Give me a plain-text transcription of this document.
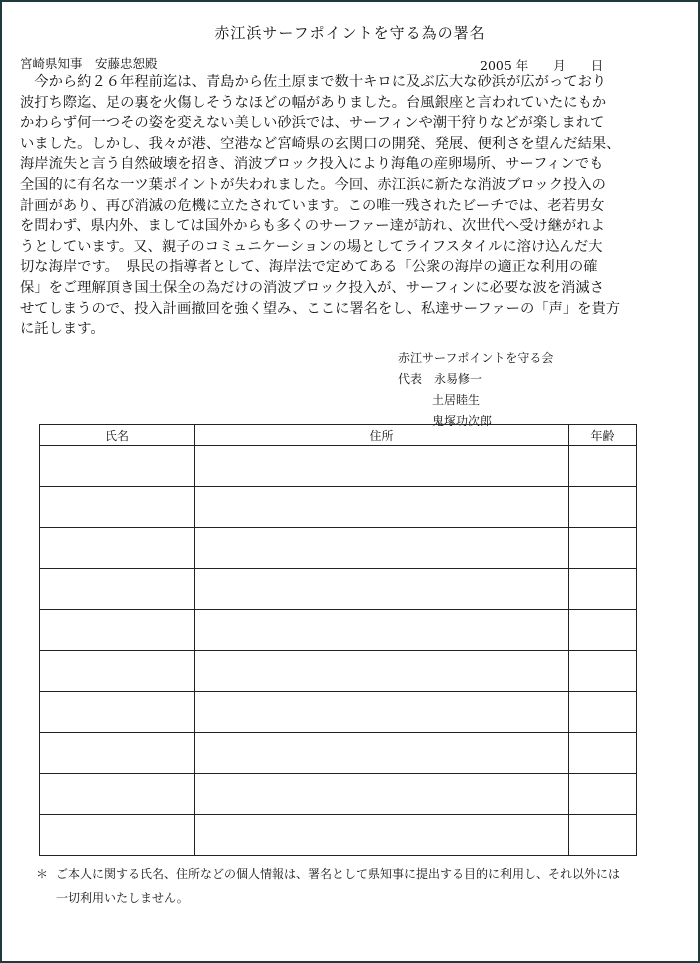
赤江浜サーフポイントを守る為の署名
宮崎県知事　安藤忠恕殿	2005 年　　月　　日
　今から約２６年程前迄は、青島から佐土原まで数十キロに及ぶ広大な砂浜が広がっており
波打ち際迄、足の裏を火傷しそうなほどの幅がありました。台風銀座と言われていたにもか
かわらず何一つその姿を変えない美しい砂浜では、サーフィンや潮干狩りなどが楽しまれて
いました。しかし、我々が港、空港など宮崎県の玄関口の開発、発展、便利さを望んだ結果、
海岸流失と言う自然破壊を招き、消波ブロック投入により海亀の産卵場所、サーフィンでも
全国的に有名な一ツ葉ポイントが失われました。今回、赤江浜に新たな消波ブロック投入の
計画があり、再び消滅の危機に立たされています。この唯一残されたビーチでは、老若男女
を問わず、県内外、ましては国外からも多くのサーファー達が訪れ、次世代へ受け継がれよ
うとしています。又、親子のコミュニケーションの場としてライフスタイルに溶け込んだ大
切な海岸です。　県民の指導者として、海岸法で定めてある「公衆の海岸の適正な利用の確
保」をご理解頂き国土保全の為だけの消波ブロック投入が、サーフィンに必要な波を消滅さ
せてしまうので、投入計画撤回を強く望み、ここに署名をし、私達サーファーの「声」を貴方
に託します。
赤江サーフポイントを守る会
代表　 永易修一
土居睦生
鬼塚功次郎
氏名	住所	年齢

＊ ご本人に関する氏名、住所などの個人情報は、署名として県知事に提出する目的に利用し、それ以外には
一切利用いたしません。
